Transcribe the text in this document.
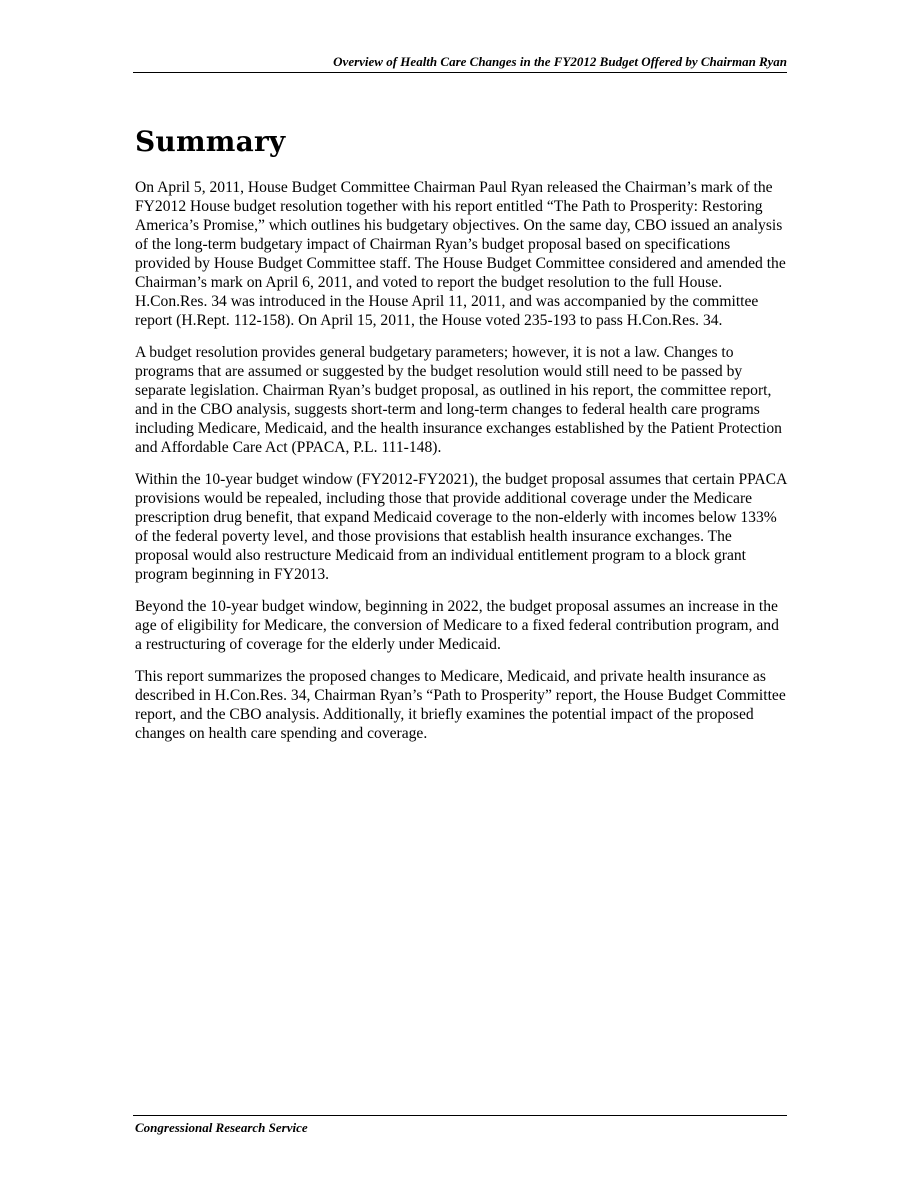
Overview of Health Care Changes in the FY2012 Budget Offered by Chairman Ryan
Summary

On April 5, 2011, House Budget Committee Chairman Paul Ryan released the Chairman’s mark of the FY2012 House budget resolution together with his report entitled “The Path to Prosperity: Restoring America’s Promise,” which outlines his budgetary objectives. On the same day, CBO issued an analysis of the long-term budgetary impact of Chairman Ryan’s budget proposal based on specifications provided by House Budget Committee staff. The House Budget Committee considered and amended the Chairman’s mark on April 6, 2011, and voted to report the budget resolution to the full House. H.Con.Res. 34 was introduced in the House April 11, 2011, and was accompanied by the committee report (H.Rept. 112-158). On April 15, 2011, the House voted 235-193 to pass H.Con.Res. 34.

A budget resolution provides general budgetary parameters; however, it is not a law. Changes to programs that are assumed or suggested by the budget resolution would still need to be passed by separate legislation. Chairman Ryan’s budget proposal, as outlined in his report, the committee report, and in the CBO analysis, suggests short-term and long-term changes to federal health care programs including Medicare, Medicaid, and the health insurance exchanges established by the Patient Protection and Affordable Care Act (PPACA, P.L. 111-148).

Within the 10-year budget window (FY2012-FY2021), the budget proposal assumes that certain PPACA provisions would be repealed, including those that provide additional coverage under the Medicare prescription drug benefit, that expand Medicaid coverage to the non-elderly with incomes below 133% of the federal poverty level, and those provisions that establish health insurance exchanges. The proposal would also restructure Medicaid from an individual entitlement program to a block grant program beginning in FY2013.

Beyond the 10-year budget window, beginning in 2022, the budget proposal assumes an increase in the age of eligibility for Medicare, the conversion of Medicare to a fixed federal contribution program, and a restructuring of coverage for the elderly under Medicaid.

This report summarizes the proposed changes to Medicare, Medicaid, and private health insurance as described in H.Con.Res. 34, Chairman Ryan’s “Path to Prosperity” report, the House Budget Committee report, and the CBO analysis. Additionally, it briefly examines the potential impact of the proposed changes on health care spending and coverage.

Congressional Research Service
